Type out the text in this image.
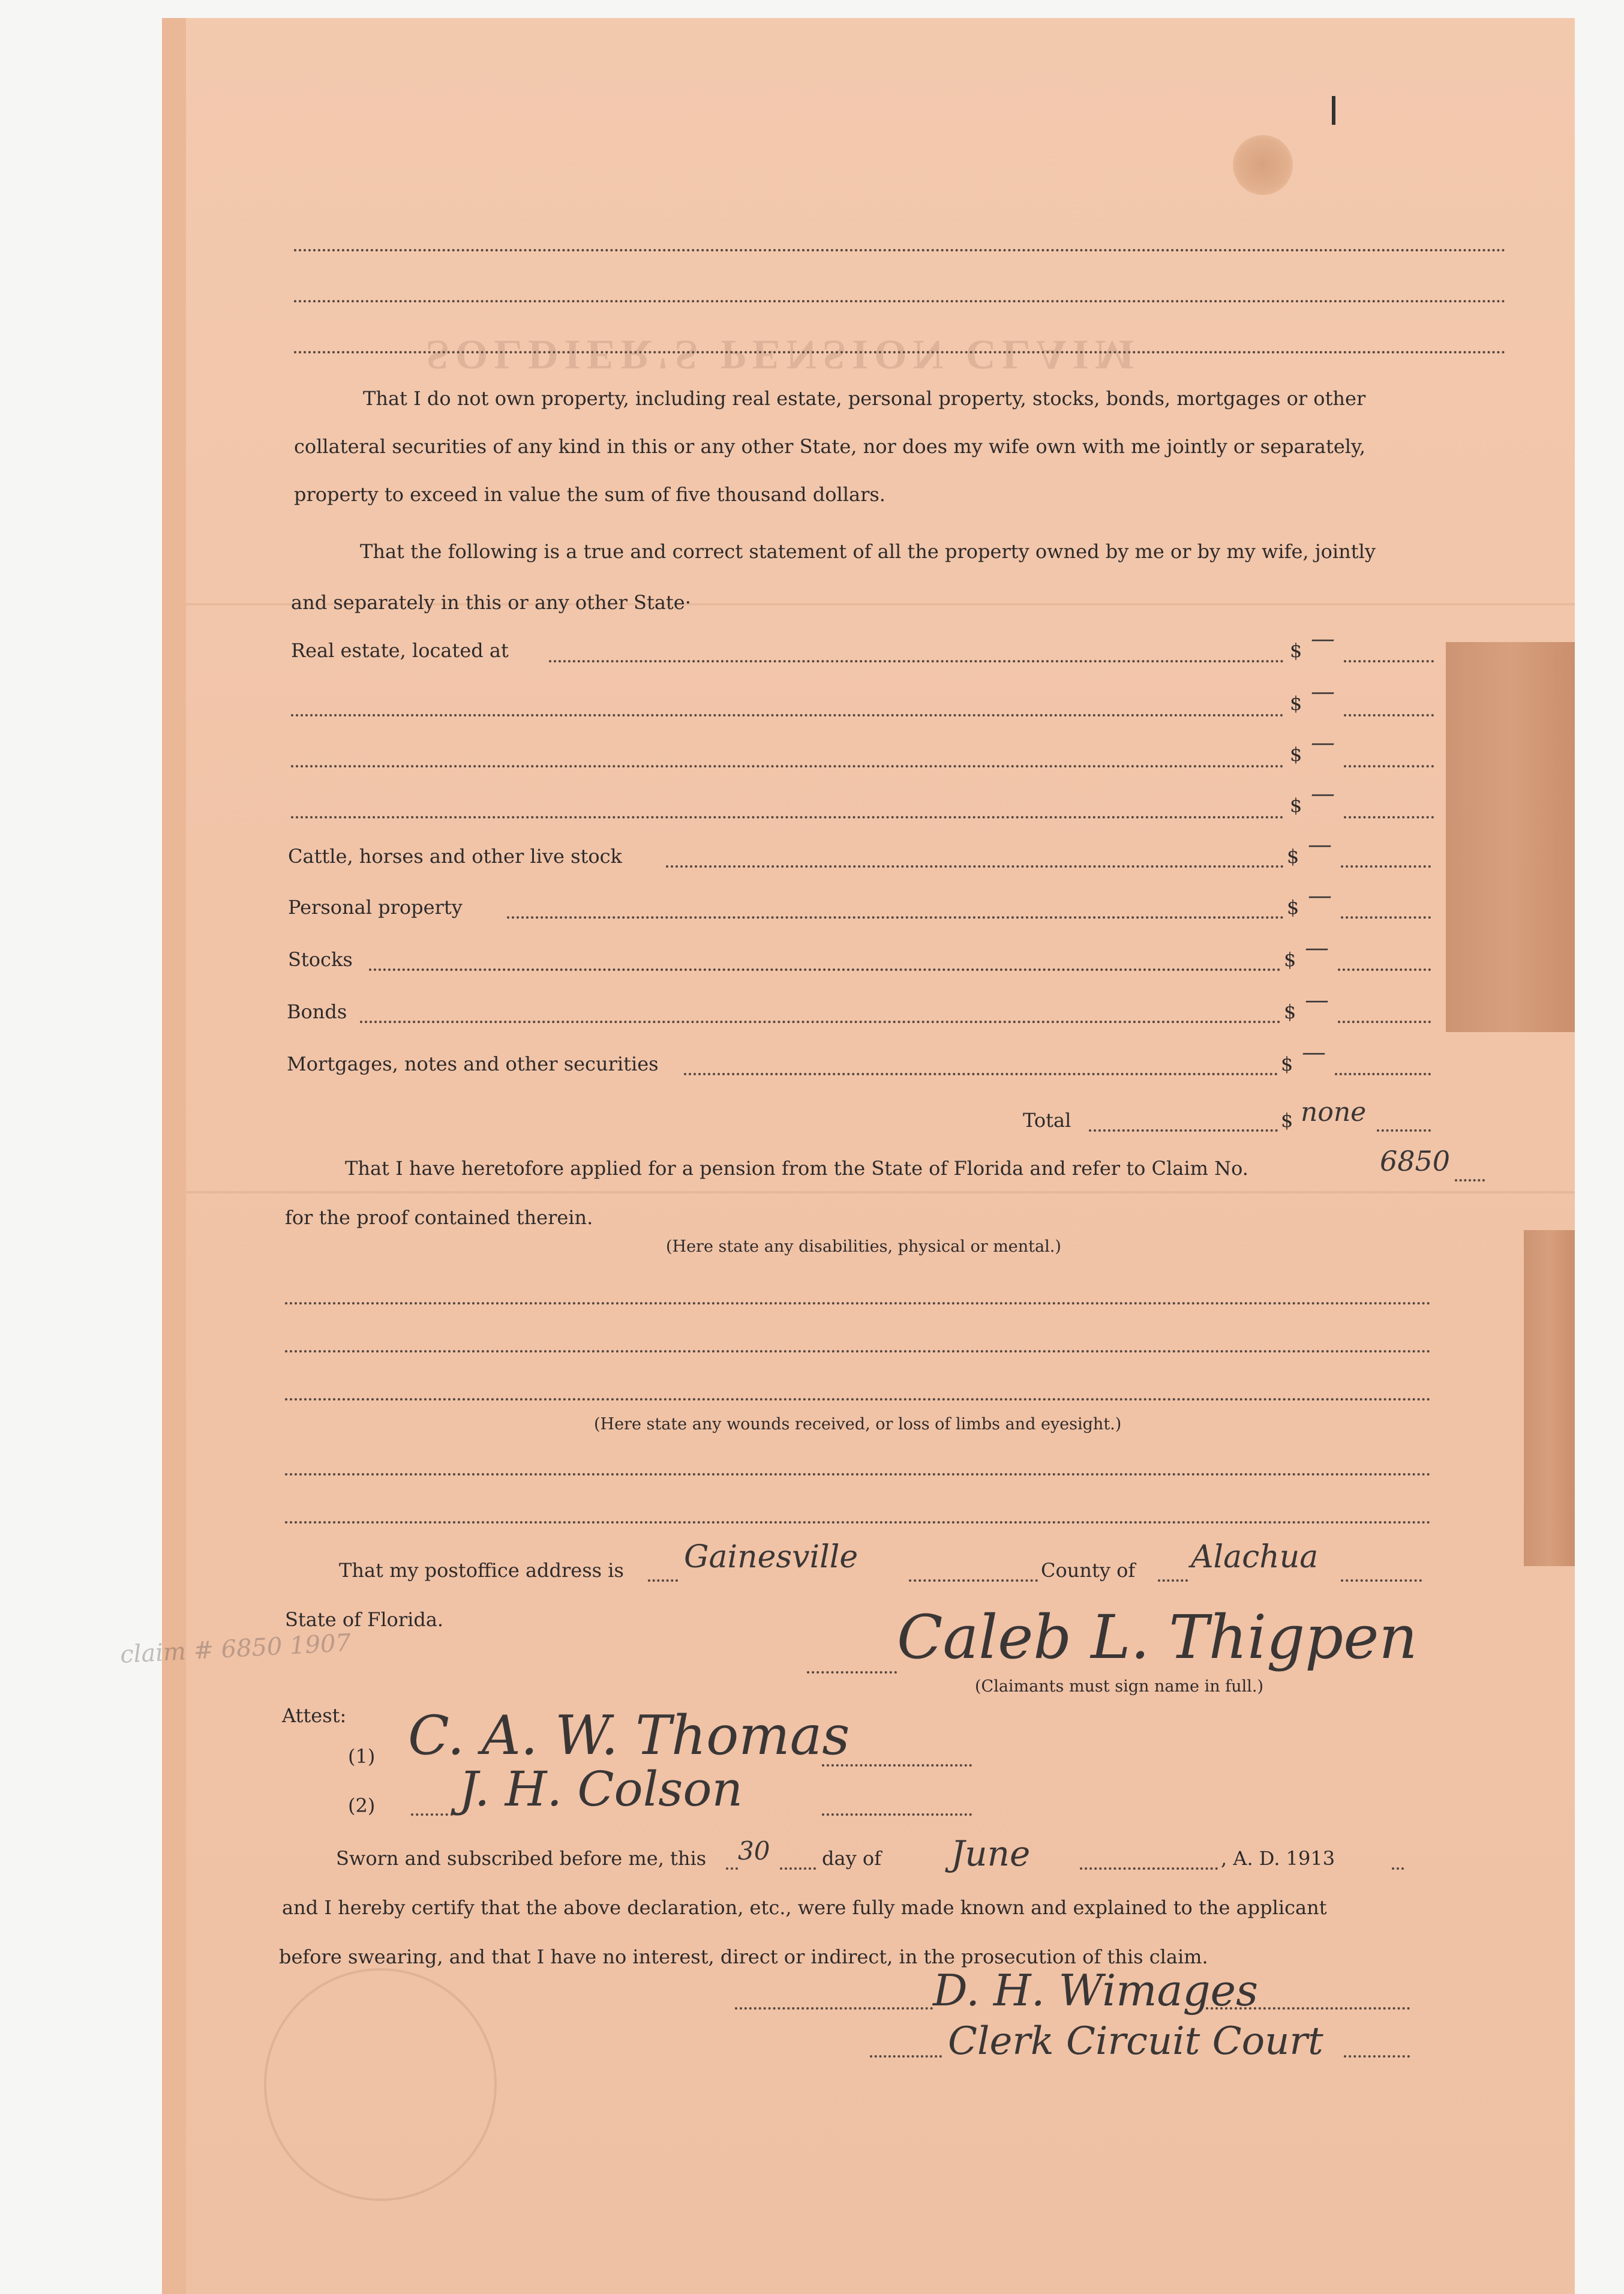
SOLDIER'S PENSION CLAIM
That I do not own property, including real estate, personal property, stocks, bonds, mortgages or other
collateral securities of any kind in this or any other State, nor does my wife own with me jointly or separately,
property to exceed in value the sum of five thousand dollars.
That the following is a true and correct statement of all the property owned by me or by my wife, jointly
and separately in this or any other State·
Real estate, located at	$ —
$ —
$ —
$ —
Cattle, horses and other live stock	$ —
Personal property	$ —
Stocks	$ —
Bonds	$ —
Mortgages, notes and other securities	$ —
Total	$ none
That I have heretofore applied for a pension from the State of Florida and refer to Claim No.	6850
for the proof contained therein.
(Here state any disabilities, physical or mental.)
(Here state any wounds received, or loss of limbs and eyesight.)
That my postoffice address is Gainesville	County of Alachua
State of Florida.
claim # 6850 1907	Caleb L. Thigpen
(Claimants must sign name in full.)
Attest:
(1) C. A. W. Thomas
(2) J. H. Colson
Sworn and subscribed before me, this 30	day of June	, A. D. 1913
and I hereby certify that the above declaration, etc., were fully made known and explained to the applicant
before swearing, and that I have no interest, direct or indirect, in the prosecution of this claim.
D. H. Wimages
Clerk Circuit Court
